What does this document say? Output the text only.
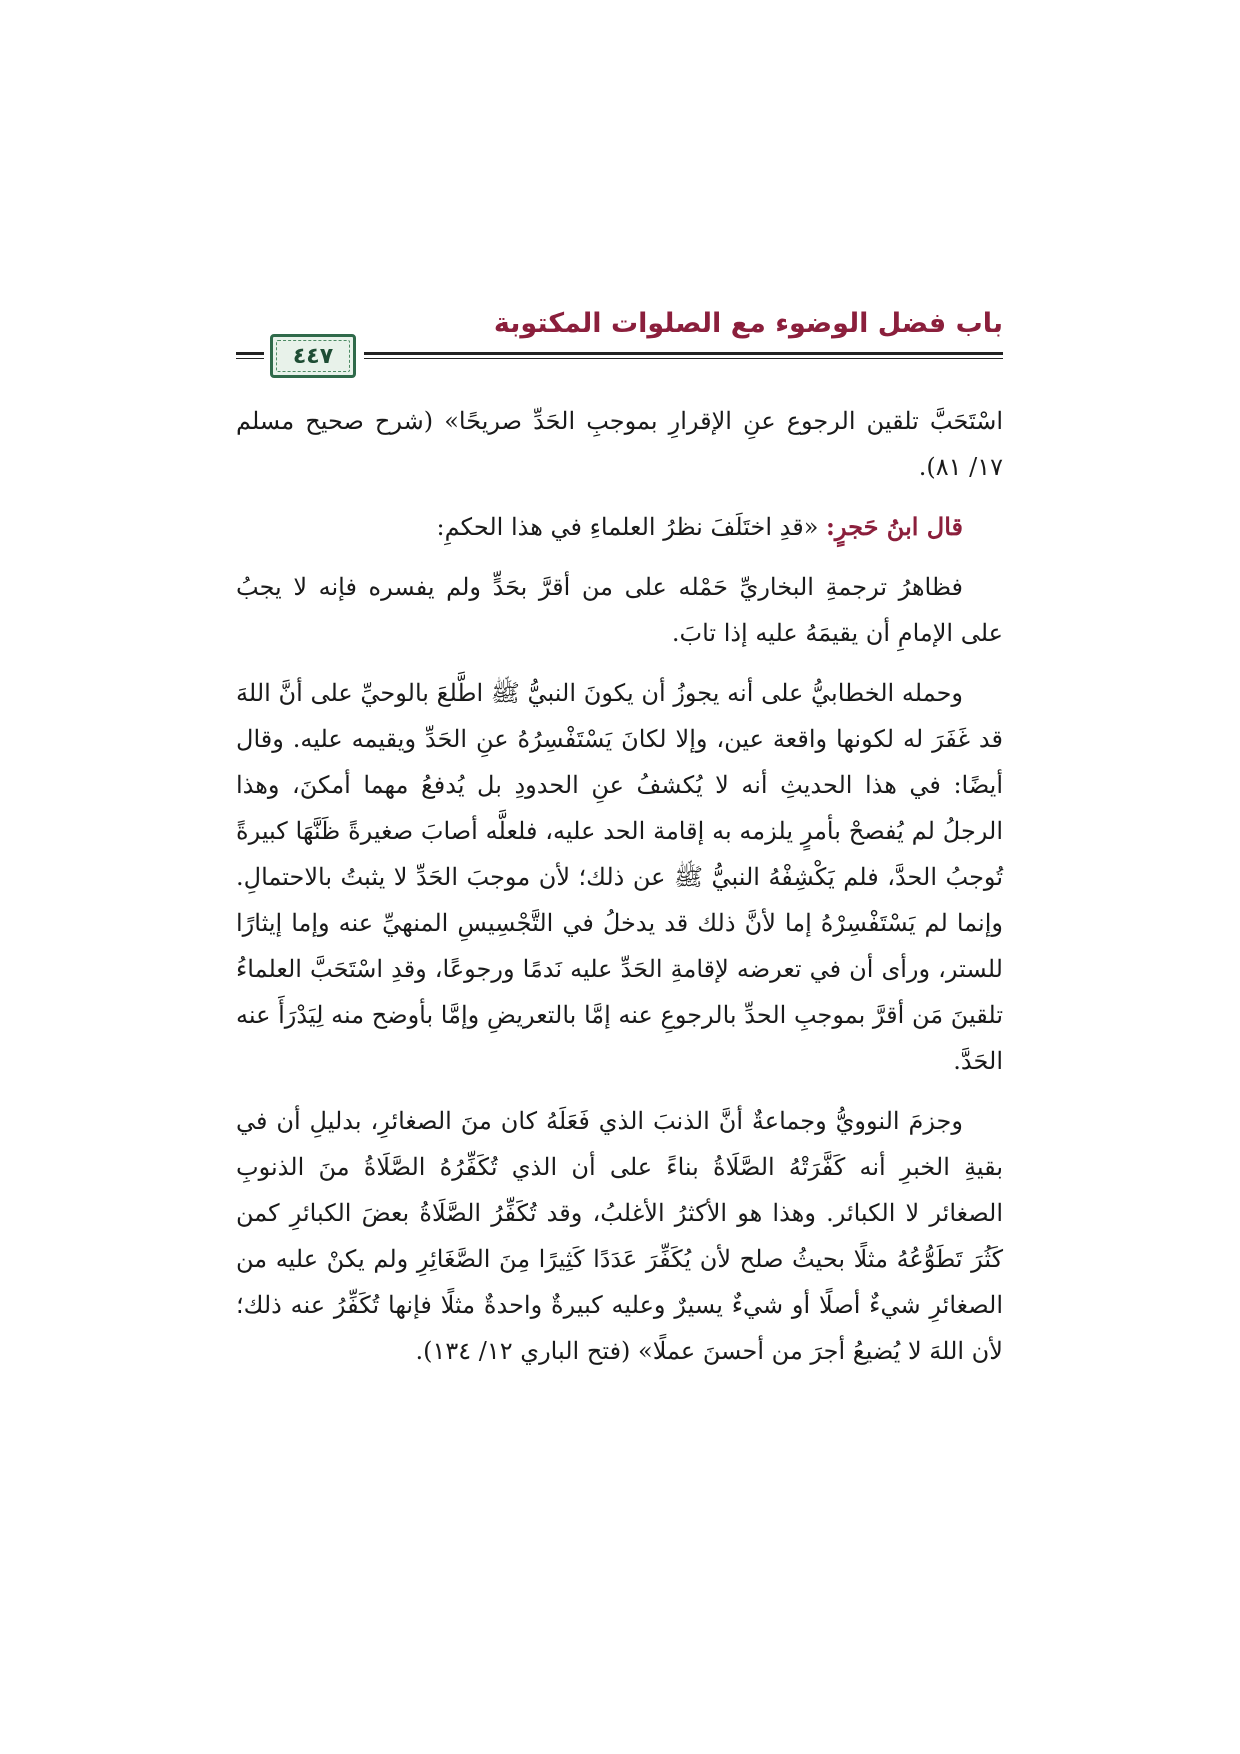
باب فضل الوضوء مع الصلوات المكتوبة
٤٤٧

اسْتَحَبَّ تلقين الرجوع عنِ الإقرارِ بموجبِ الحَدِّ صريحًا» (شرح صحيح مسلم ١٧/ ٨١).

قال ابنُ حَجرٍ: «قدِ اختَلَفَ نظرُ العلماءِ في هذا الحكمِ:

فظاهرُ ترجمةِ البخاريِّ حَمْله على من أقرَّ بحَدٍّ ولم يفسره فإنه لا يجبُ على الإمامِ أن يقيمَهُ عليه إذا تابَ.

وحمله الخطابيُّ على أنه يجوزُ أن يكونَ النبيُّ ﷺ اطَّلعَ بالوحيِّ على أنَّ اللهَ قد غَفَرَ له لكونها واقعة عين، وإلا لكانَ يَسْتَفْسِرُهُ عنِ الحَدِّ ويقيمه عليه. وقال أيضًا: في هذا الحديثِ أنه لا يُكشفُ عنِ الحدودِ بل يُدفعُ مهما أمكنَ، وهذا الرجلُ لم يُفصحْ بأمرٍ يلزمه به إقامة الحد عليه، فلعلَّه أصابَ صغيرةً ظَنَّهَا كبيرةً تُوجبُ الحدَّ، فلم يَكْشِفْهُ النبيُّ ﷺ عن ذلك؛ لأن موجبَ الحَدِّ لا يثبتُ بالاحتمالِ. وإنما لم يَسْتَفْسِرْهُ إما لأنَّ ذلك قد يدخلُ في التَّجْسِيسِ المنهيِّ عنه وإما إيثارًا للستر، ورأى أن في تعرضه لإقامةِ الحَدِّ عليه نَدمًا ورجوعًا، وقدِ اسْتَحَبَّ العلماءُ تلقينَ مَن أقرَّ بموجبِ الحدِّ بالرجوعِ عنه إمَّا بالتعريضِ وإمَّا بأوضح منه لِيَدْرَأَ عنه الحَدَّ.

وجزمَ النوويُّ وجماعةٌ أنَّ الذنبَ الذي فَعَلَهُ كان منَ الصغائرِ، بدليلِ أن في بقيةِ الخبرِ أنه كَفَّرَتْهُ الصَّلَاةُ بناءً على أن الذي تُكَفِّرُهُ الصَّلَاةُ منَ الذنوبِ الصغائر لا الكبائر. وهذا هو الأكثرُ الأغلبُ، وقد تُكَفِّرُ الصَّلَاةُ بعضَ الكبائرِ كمن كَثُرَ تَطَوُّعُهُ مثلًا بحيثُ صلح لأن يُكَفِّرَ عَدَدًا كَثِيرًا مِنَ الصَّغَائِرِ ولم يكنْ عليه من الصغائرِ شيءٌ أصلًا أو شيءٌ يسيرٌ وعليه كبيرةٌ واحدةٌ مثلًا فإنها تُكَفِّرُ عنه ذلك؛ لأن اللهَ لا يُضيعُ أجرَ من أحسنَ عملًا» (فتح الباري ١٢/ ١٣٤).
